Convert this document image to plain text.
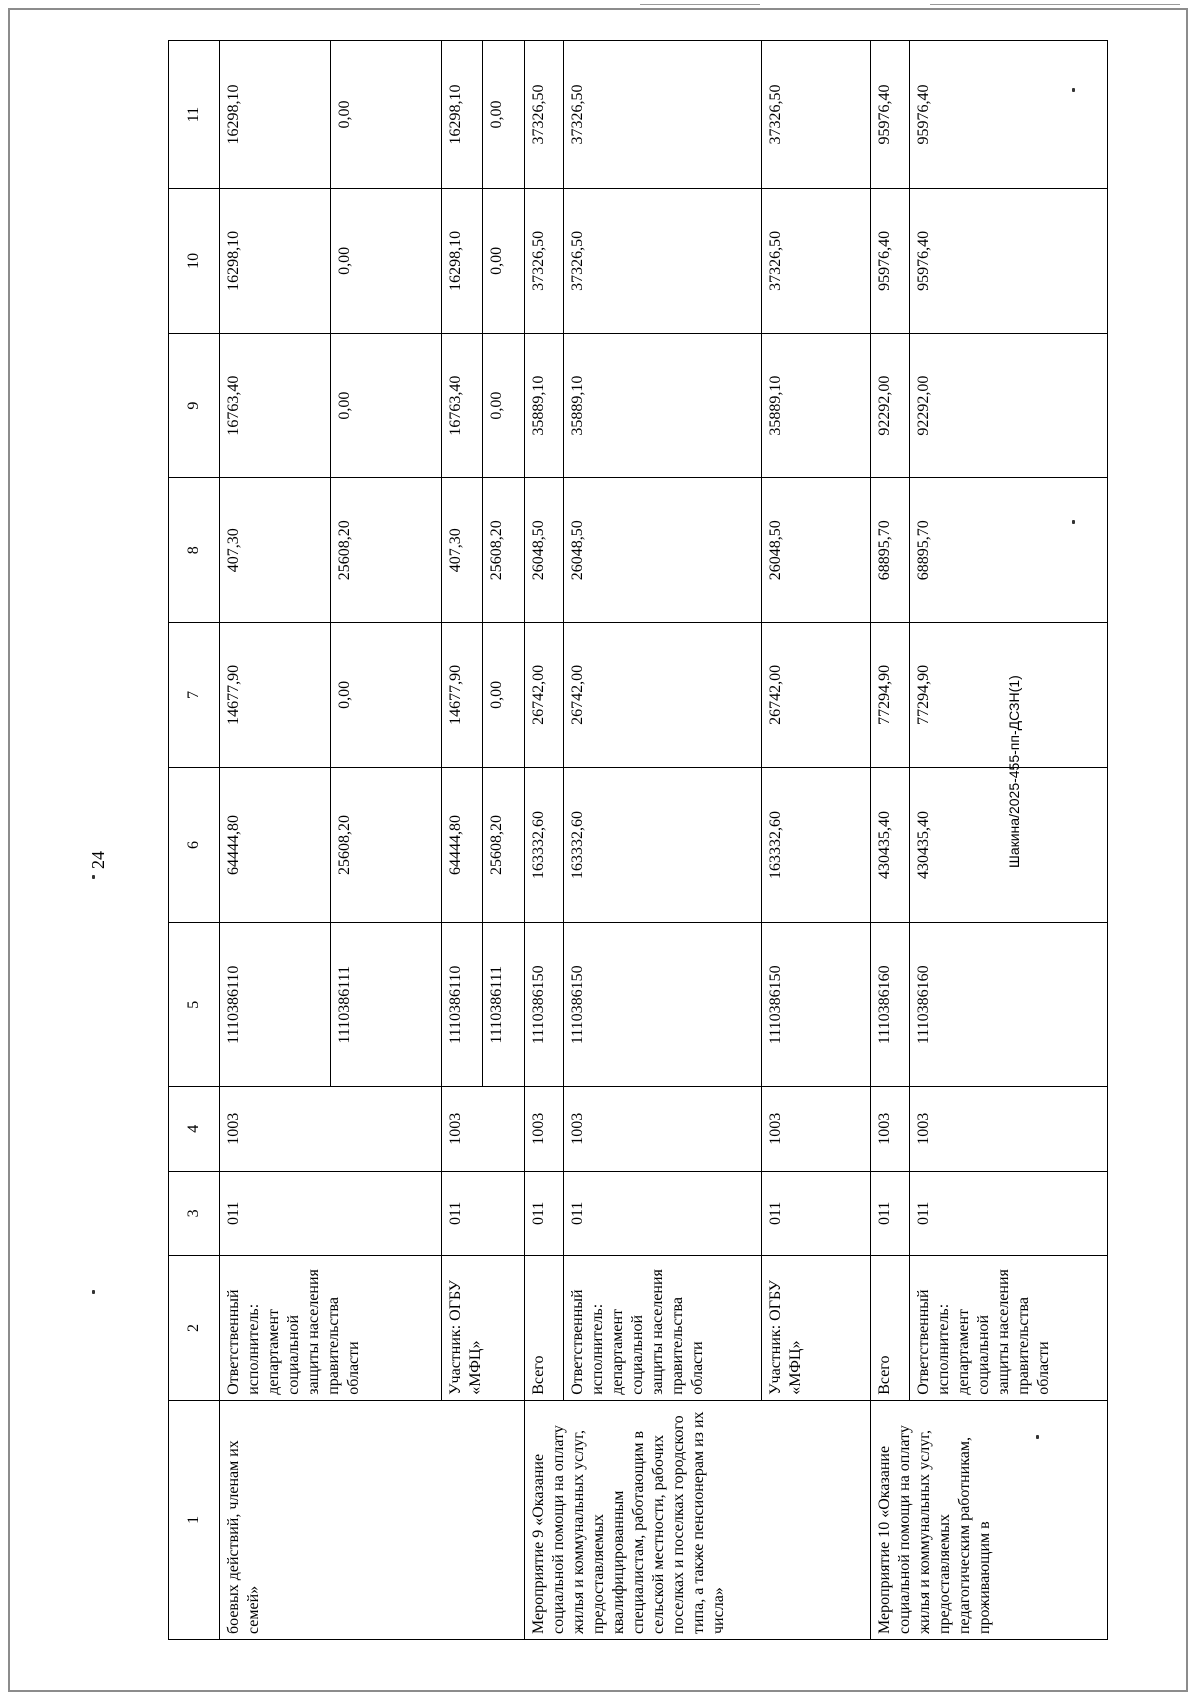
24	Шакина/2025-455-пп-ДСЗН(1)
1	2	3	4	5	6	7	8	9	10	11
боевых действий, членам их семей»	Ответственный исполнитель: департамент социальной защиты населения правительства области	011	1003	1110386110	64444,80	14677,90	407,30	16763,40	16298,10	16298,10
				1110386111	25608,20	0,00	25608,20	0,00	0,00	0,00
	Участник: ОГБУ «МФЦ»	011	1003	1110386110	64444,80	14677,90	407,30	16763,40	16298,10	16298,10
				1110386111	25608,20	0,00	25608,20	0,00	0,00	0,00
Мероприятие 9 «Оказание социальной помощи на оплату жилья и коммунальных услуг, предоставляемых квалифицированным специалистам, работающим в сельской местности, рабочих поселках и поселках городского типа, а также пенсионерам из их числа»	Всего	011	1003	1110386150	163332,60	26742,00	26048,50	35889,10	37326,50	37326,50
	Ответственный исполнитель: департамент социальной защиты населения правительства области	011	1003	1110386150	163332,60	26742,00	26048,50	35889,10	37326,50	37326,50
	Участник: ОГБУ «МФЦ»	011	1003	1110386150	163332,60	26742,00	26048,50	35889,10	37326,50	37326,50
Мероприятие 10 «Оказание социальной помощи на оплату жилья и коммунальных услуг, предоставляемых педагогическим работникам, проживающим в	Всего	011	1003	1110386160	430435,40	77294,90	68895,70	92292,00	95976,40	95976,40
	Ответственный исполнитель: департамент социальной защиты населения правительства области	011	1003	1110386160	430435,40	77294,90	68895,70	92292,00	95976,40	95976,40
